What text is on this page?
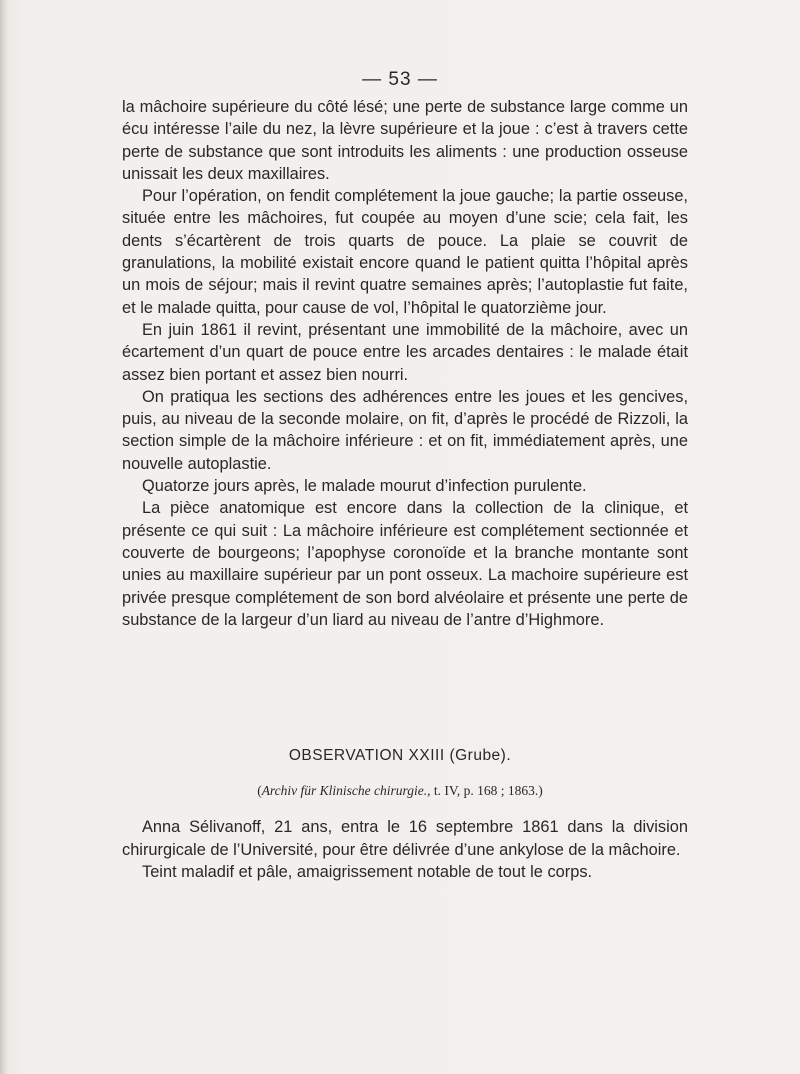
— 53 —

la mâchoire supérieure du côté lésé; une perte de substance large comme un écu intéresse l’aile du nez, la lèvre supérieure et la joue : c’est à travers cette perte de substance que sont introduits les aliments : une production osseuse unissait les deux maxillaires.

Pour l’opération, on fendit complétement la joue gauche; la partie osseuse, située entre les mâchoires, fut coupée au moyen d’une scie; cela fait, les dents s’écartèrent de trois quarts de pouce. La plaie se couvrit de granulations, la mobilité existait encore quand le patient quitta l’hôpital après un mois de séjour; mais il revint quatre semaines après; l’autoplastie fut faite, et le malade quitta, pour cause de vol, l’hôpital le quatorzième jour.

En juin 1861 il revint, présentant une immobilité de la mâchoire, avec un écartement d’un quart de pouce entre les arcades dentaires : le malade était assez bien portant et assez bien nourri.

On pratiqua les sections des adhérences entre les joues et les gencives, puis, au niveau de la seconde molaire, on fit, d’après le procédé de Rizzoli, la section simple de la mâchoire inférieure : et on fit, immédiatement après, une nouvelle autoplastie.

Quatorze jours après, le malade mourut d’infection purulente.

La pièce anatomique est encore dans la collection de la clinique, et présente ce qui suit : La mâchoire inférieure est complétement sectionnée et couverte de bourgeons; l’apophyse coronoïde et la branche montante sont unies au maxillaire supérieur par un pont osseux. La machoire supérieure est privée presque complétement de son bord alvéolaire et présente une perte de substance de la largeur d’un liard au niveau de l’antre d’Highmore.

OBSERVATION XXIII (Grube).
(Archiv für Klinische chirurgie., t. IV, p. 168 ; 1863.)

Anna Sélivanoff, 21 ans, entra le 16 septembre 1861 dans la division chirurgicale de l’Université, pour être délivrée d’une ankylose de la mâchoire.

Teint maladif et pâle, amaigrissement notable de tout le corps.
